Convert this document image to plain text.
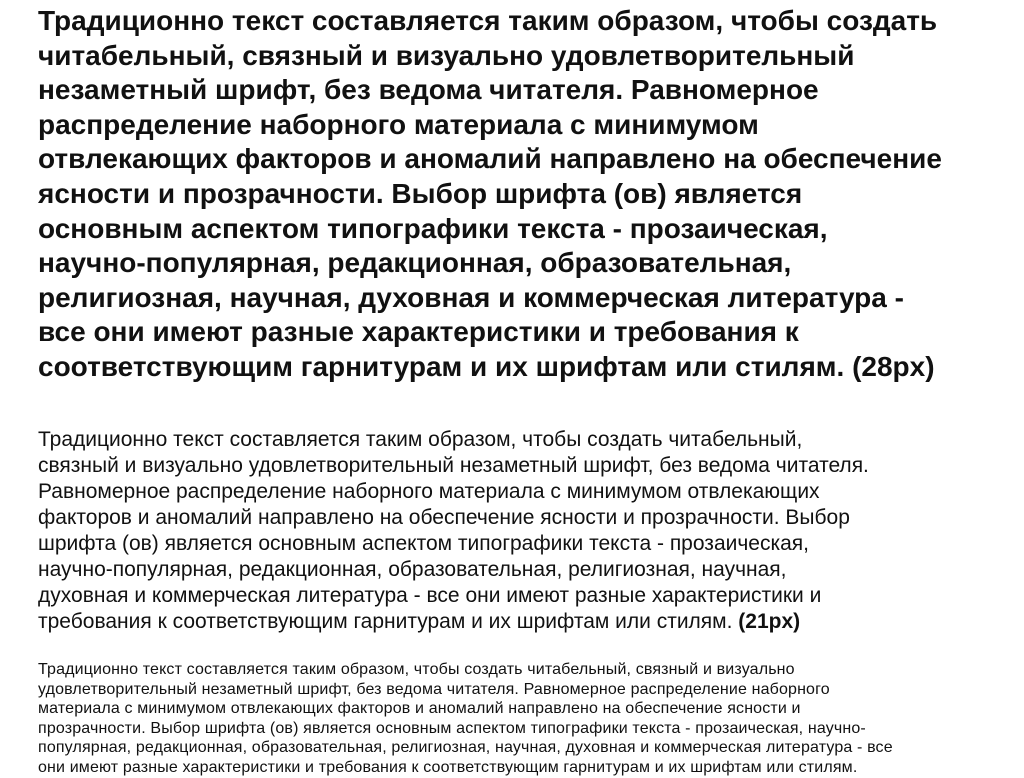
Традиционно текст составляется таким образом, чтобы создать
читабельный, связный и визуально удовлетворительный
незаметный шрифт, без ведома читателя. Равномерное
распределение наборного материала с минимумом
отвлекающих факторов и аномалий направлено на обеспечение
ясности и прозрачности. Выбор шрифта (ов) является
основным аспектом типографики текста - прозаическая,
научно-популярная, редакционная, образовательная,
религиозная, научная, духовная и коммерческая литература -
все они имеют разные характеристики и требования к
соответствующим гарнитурам и их шрифтам или стилям. (28px)
Традиционно текст составляется таким образом, чтобы создать читабельный,
связный и визуально удовлетворительный незаметный шрифт, без ведома читателя.
Равномерное распределение наборного материала с минимумом отвлекающих
факторов и аномалий направлено на обеспечение ясности и прозрачности. Выбор
шрифта (ов) является основным аспектом типографики текста - прозаическая,
научно-популярная, редакционная, образовательная, религиозная, научная,
духовная и коммерческая литература - все они имеют разные характеристики и
требования к соответствующим гарнитурам и их шрифтам или стилям. (21px)
Традиционно текст составляется таким образом, чтобы создать читабельный, связный и визуально
удовлетворительный незаметный шрифт, без ведома читателя. Равномерное распределение наборного
материала с минимумом отвлекающих факторов и аномалий направлено на обеспечение ясности и
прозрачности. Выбор шрифта (ов) является основным аспектом типографики текста - прозаическая, научно-
популярная, редакционная, образовательная, религиозная, научная, духовная и коммерческая литература - все
они имеют разные характеристики и требования к соответствующим гарнитурам и их шрифтам или стилям.
